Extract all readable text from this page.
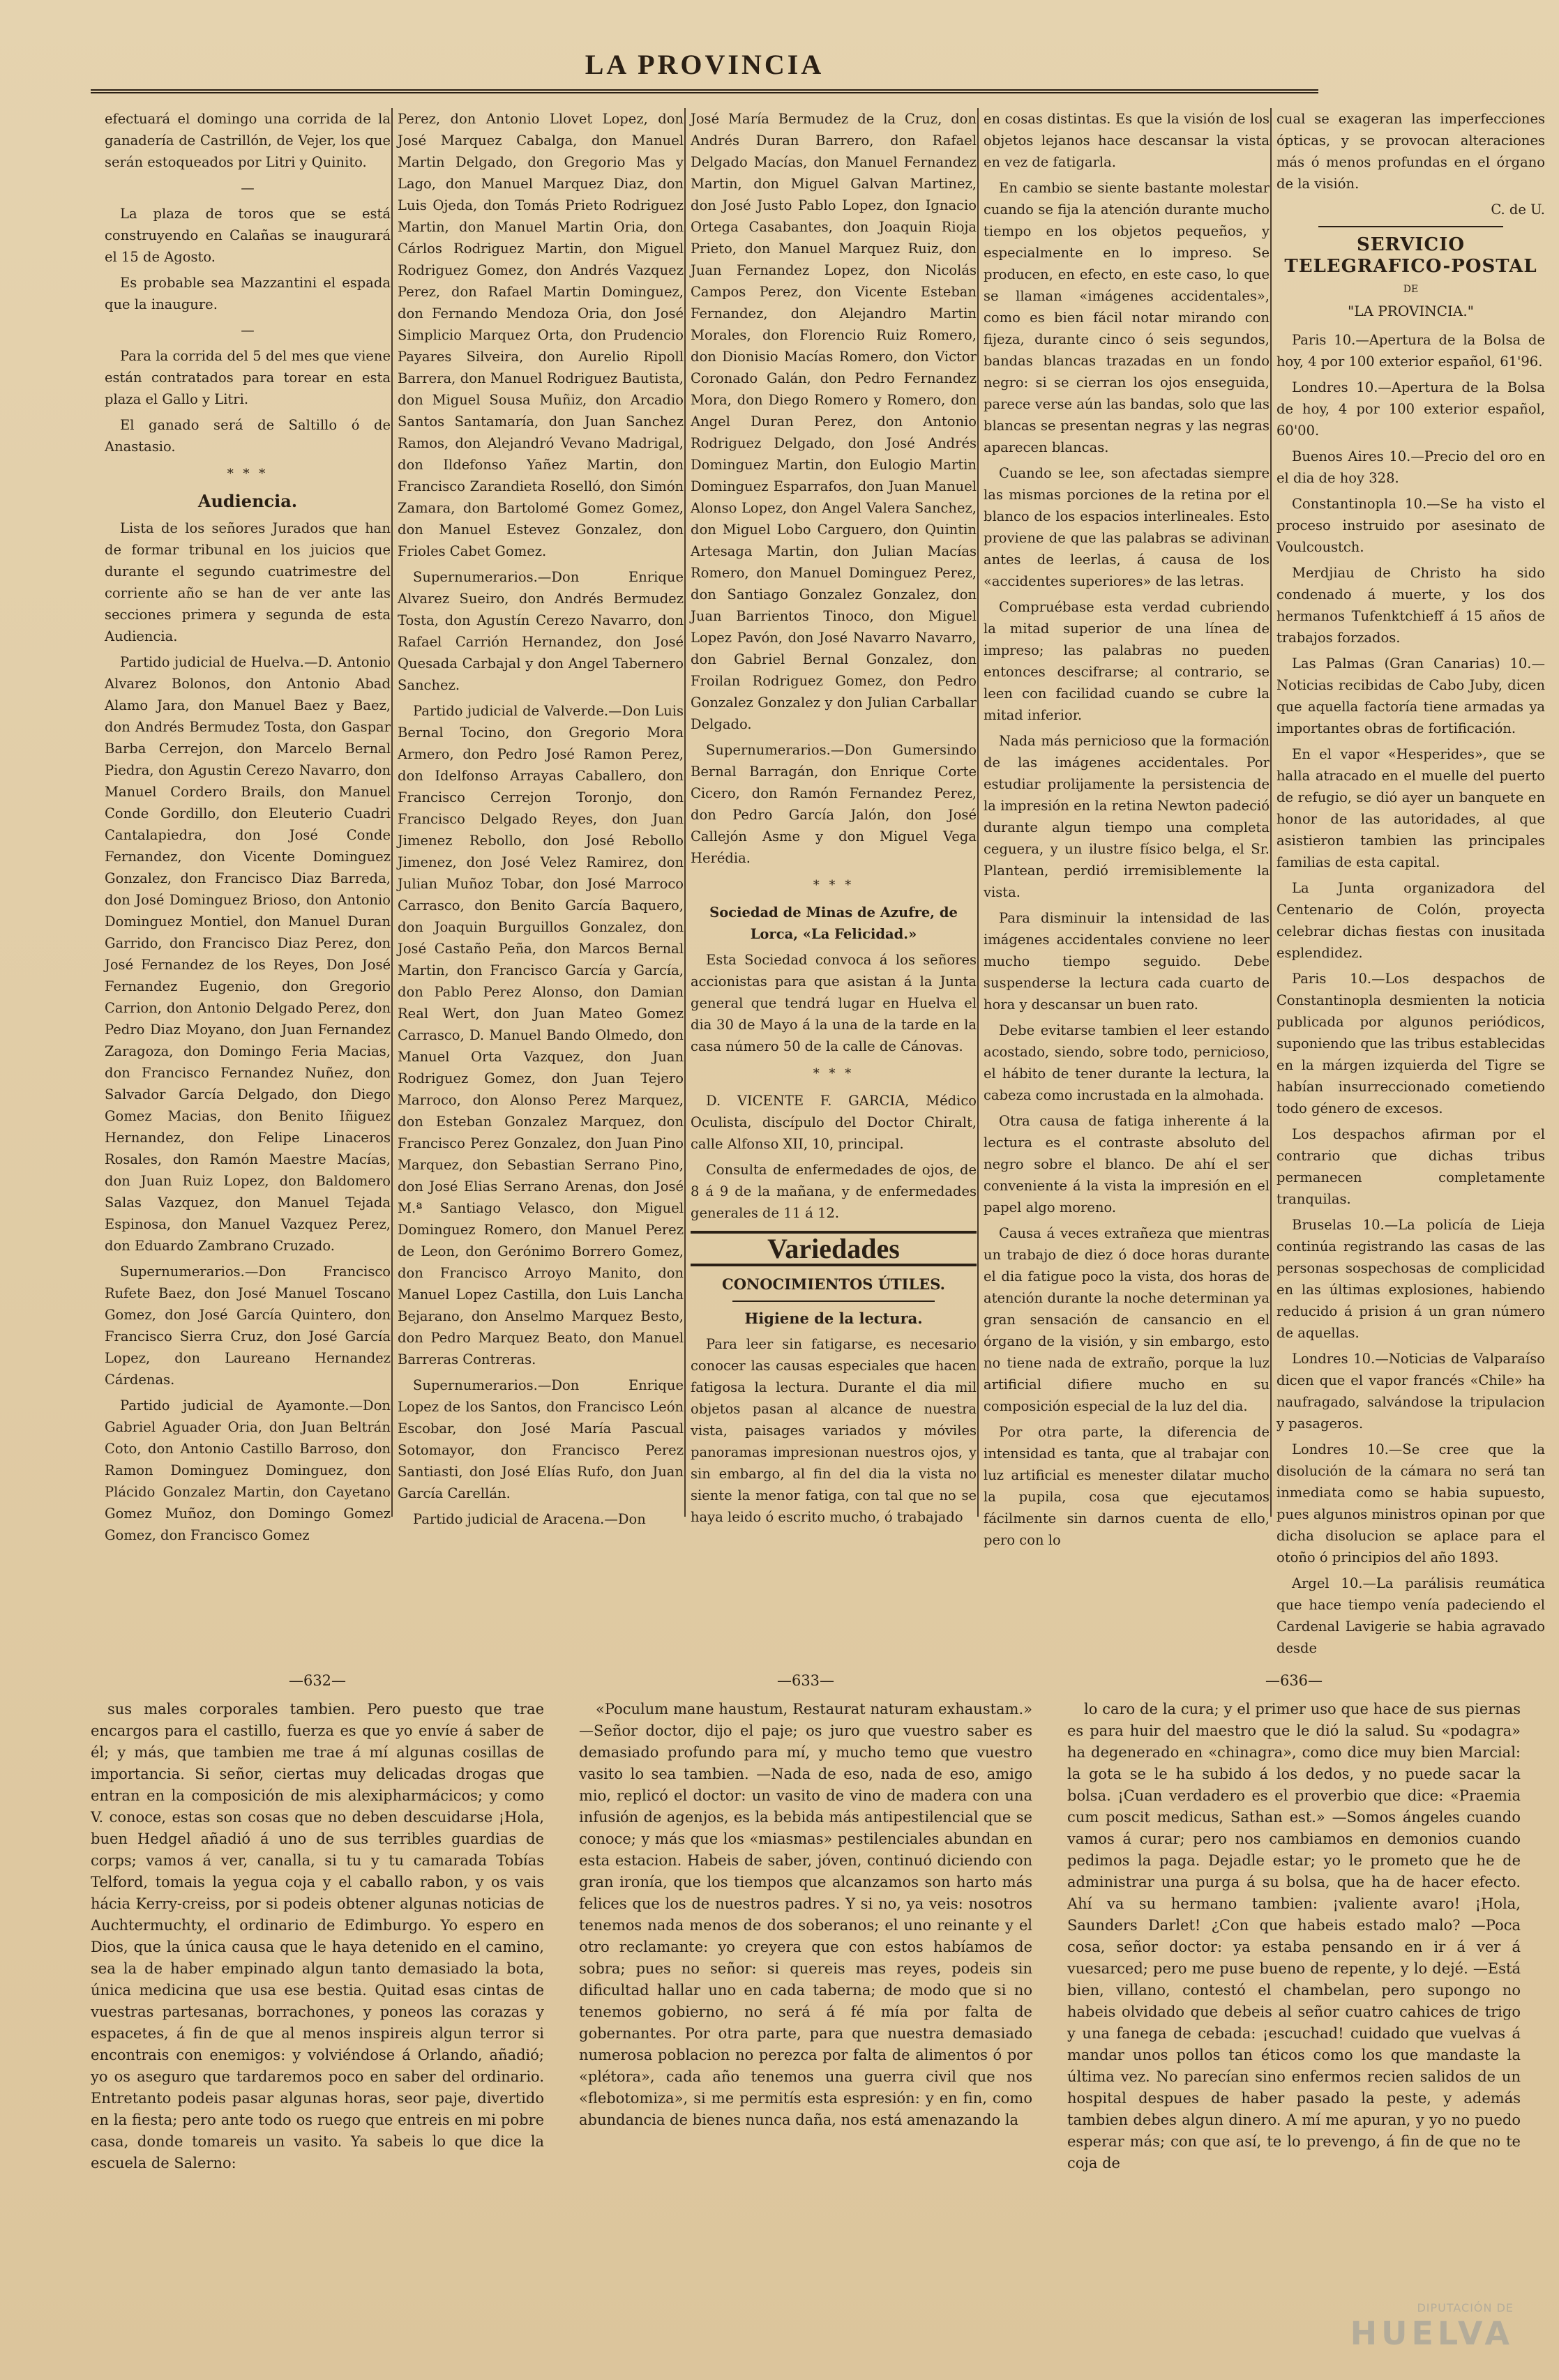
LA PROVINCIA

efectuará el domingo una corrida de la ganadería de Castrillón, de Vejer, los que serán estoqueados por Litri y Quinito.

—

La plaza de toros que se está construyendo en Calañas se inaugurará el 15 de Agosto.

Es probable sea Mazzantini el espada que la inaugure.

—

Para la corrida del 5 del mes que viene están contratados para torear en esta plaza el Gallo y Litri.

El ganado será de Saltillo ó de Anastasio.

* * *
Audiencia.

Lista de los señores Jurados que han de formar tribunal en los juicios que durante el segundo cuatrimestre del corriente año se han de ver ante las secciones primera y segunda de esta Audiencia.

Partido judicial de Huelva.—D. Antonio Alvarez Bolonos, don Antonio Abad Alamo Jara, don Manuel Baez y Baez, don Andrés Bermudez Tosta, don Gaspar Barba Cerrejon, don Marcelo Bernal Piedra, don Agustin Cerezo Navarro, don Manuel Cordero Brails, don Manuel Conde Gordillo, don Eleuterio Cuadri Cantalapiedra, don José Conde Fernandez, don Vicente Dominguez Gonzalez, don Francisco Diaz Barreda, don José Dominguez Brioso, don Antonio Dominguez Montiel, don Manuel Duran Garrido, don Francisco Diaz Perez, don José Fernandez de los Reyes, Don José Fernandez Eugenio, don Gregorio Carrion, don Antonio Delgado Perez, don Pedro Diaz Moyano, don Juan Fernandez Zaragoza, don Domingo Feria Macias, don Francisco Fernandez Nuñez, don Salvador García Delgado, don Diego Gomez Macias, don Benito Iñiguez Hernandez, don Felipe Linaceros Rosales, don Ramón Maestre Macías, don Juan Ruiz Lopez, don Baldomero Salas Vazquez, don Manuel Tejada Espinosa, don Manuel Vazquez Perez, don Eduardo Zambrano Cruzado.

Supernumerarios.—Don Francisco Rufete Baez, don José Manuel Toscano Gomez, don José García Quintero, don Francisco Sierra Cruz, don José García Lopez, don Laureano Hernandez Cárdenas.

Partido judicial de Ayamonte.—Don Gabriel Aguader Oria, don Juan Beltrán Coto, don Antonio Castillo Barroso, don Ramon Dominguez Dominguez, don Plácido Gonzalez Martin, don Cayetano Gomez Muñoz, don Domingo Gomez Gomez, don Francisco Gomez

Perez, don Antonio Llovet Lopez, don José Marquez Cabalga, don Manuel Martin Delgado, don Gregorio Mas y Lago, don Manuel Marquez Diaz, don Luis Ojeda, don Tomás Prieto Rodriguez Martin, don Manuel Martin Oria, don Cárlos Rodriguez Martin, don Miguel Rodriguez Gomez, don Andrés Vazquez Perez, don Rafael Martin Dominguez, don Fernando Mendoza Oria, don José Simplicio Marquez Orta, don Prudencio Payares Silveira, don Aurelio Ripoll Barrera, don Manuel Rodriguez Bautista, don Miguel Sousa Muñiz, don Arcadio Santos Santamaría, don Juan Sanchez Ramos, don Alejandró Vevano Madrigal, don Ildefonso Yañez Martin, don Francisco Zarandieta Roselló, don Simón Zamara, don Bartolomé Gomez Gomez, don Manuel Estevez Gonzalez, don Frioles Cabet Gomez.

Supernumerarios.—Don Enrique Alvarez Sueiro, don Andrés Bermudez Tosta, don Agustín Cerezo Navarro, don Rafael Carrión Hernandez, don José Quesada Carbajal y don Angel Tabernero Sanchez.

Partido judicial de Valverde.—Don Luis Bernal Tocino, don Gregorio Mora Armero, don Pedro José Ramon Perez, don Idelfonso Arrayas Caballero, don Francisco Cerrejon Toronjo, don Francisco Delgado Reyes, don Juan Jimenez Rebollo, don José Rebollo Jimenez, don José Velez Ramirez, don Julian Muñoz Tobar, don José Marroco Carrasco, don Benito García Baquero, don Joaquin Burguillos Gonzalez, don José Castaño Peña, don Marcos Bernal Martin, don Francisco García y García, don Pablo Perez Alonso, don Damian Real Wert, don Juan Mateo Gomez Carrasco, D. Manuel Bando Olmedo, don Manuel Orta Vazquez, don Juan Rodriguez Gomez, don Juan Tejero Marroco, don Alonso Perez Marquez, don Esteban Gonzalez Marquez, don Francisco Perez Gonzalez, don Juan Pino Marquez, don Sebastian Serrano Pino, don José Elias Serrano Arenas, don José M.ª Santiago Velasco, don Miguel Dominguez Romero, don Manuel Perez de Leon, don Gerónimo Borrero Gomez, don Francisco Arroyo Manito, don Manuel Lopez Castilla, don Luis Lancha Bejarano, don Anselmo Marquez Besto, don Pedro Marquez Beato, don Manuel Barreras Contreras.

Supernumerarios.—Don Enrique Lopez de los Santos, don Francisco León Escobar, don José María Pascual Sotomayor, don Francisco Perez Santiasti, don José Elías Rufo, don Juan García Carellán.

Partido judicial de Aracena.—Don

José María Bermudez de la Cruz, don Andrés Duran Barrero, don Rafael Delgado Macías, don Manuel Fernandez Martin, don Miguel Galvan Martinez, don José Justo Pablo Lopez, don Ignacio Ortega Casabantes, don Joaquin Rioja Prieto, don Manuel Marquez Ruiz, don Juan Fernandez Lopez, don Nicolás Campos Perez, don Vicente Esteban Fernandez, don Alejandro Martin Morales, don Florencio Ruiz Romero, don Dionisio Macías Romero, don Victor Coronado Galán, don Pedro Fernandez Mora, don Diego Romero y Romero, don Angel Duran Perez, don Antonio Rodriguez Delgado, don José Andrés Dominguez Martin, don Eulogio Martin Dominguez Esparrafos, don Juan Manuel Alonso Lopez, don Angel Valera Sanchez, don Miguel Lobo Carguero, don Quintin Artesaga Martin, don Julian Macías Romero, don Manuel Dominguez Perez, don Santiago Gonzalez Gonzalez, don Juan Barrientos Tinoco, don Miguel Lopez Pavón, don José Navarro Navarro, don Gabriel Bernal Gonzalez, don Froilan Rodriguez Gomez, don Pedro Gonzalez Gonzalez y don Julian Carballar Delgado.

Supernumerarios.—Don Gumersindo Bernal Barragán, don Enrique Corte Cicero, don Ramón Fernandez Perez, don Pedro García Jalón, don José Callejón Asme y don Miguel Vega Herédia.

* * *

Sociedad de Minas de Azufre, de Lorca, «La Felicidad.»

Esta Sociedad convoca á los señores accionistas para que asistan á la Junta general que tendrá lugar en Huelva el dia 30 de Mayo á la una de la tarde en la casa número 50 de la calle de Cánovas.

* * *

D. VICENTE F. GARCIA, Médico Oculista, discípulo del Doctor Chiralt, calle Alfonso XII, 10, principal.

Consulta de enfermedades de ojos, de 8 á 9 de la mañana, y de enfermedades generales de 11 á 12.

Variedades
CONOCIMIENTOS ÚTILES.
Higiene de la lectura.

Para leer sin fatigarse, es necesario conocer las causas especiales que hacen fatigosa la lectura. Durante el dia mil objetos pasan al alcance de nuestra vista, paisages variados y móviles panoramas impresionan nuestros ojos, y sin embargo, al fin del dia la vista no siente la menor fatiga, con tal que no se haya leido ó escrito mucho, ó trabajado

en cosas distintas. Es que la visión de los objetos lejanos hace descansar la vista en vez de fatigarla.

En cambio se siente bastante molestar cuando se fija la atención durante mucho tiempo en los objetos pequeños, y especialmente en lo impreso. Se producen, en efecto, en este caso, lo que se llaman «imágenes accidentales», como es bien fácil notar mirando con fijeza, durante cinco ó seis segundos, bandas blancas trazadas en un fondo negro: si se cierran los ojos enseguida, parece verse aún las bandas, solo que las blancas se presentan negras y las negras aparecen blancas.

Cuando se lee, son afectadas siempre las mismas porciones de la retina por el blanco de los espacios interlineales. Esto proviene de que las palabras se adivinan antes de leerlas, á causa de los «accidentes superiores» de las letras.

Compruébase esta verdad cubriendo la mitad superior de una línea de impreso; las palabras no pueden entonces descifrarse; al contrario, se leen con facilidad cuando se cubre la mitad inferior.

Nada más pernicioso que la formación de las imágenes accidentales. Por estudiar prolijamente la persistencia de la impresión en la retina Newton padeció durante algun tiempo una completa ceguera, y un ilustre físico belga, el Sr. Plantean, perdió irremisiblemente la vista.

Para disminuir la intensidad de las imágenes accidentales conviene no leer mucho tiempo seguido. Debe suspenderse la lectura cada cuarto de hora y descansar un buen rato.

Debe evitarse tambien el leer estando acostado, siendo, sobre todo, pernicioso, el hábito de tener durante la lectura, la cabeza como incrustada en la almohada.

Otra causa de fatiga inherente á la lectura es el contraste absoluto del negro sobre el blanco. De ahí el ser conveniente á la vista la impresión en el papel algo moreno.

Causa á veces extrañeza que mientras un trabajo de diez ó doce horas durante el dia fatigue poco la vista, dos horas de atención durante la noche determinan ya gran sensación de cansancio en el órgano de la visión, y sin embargo, esto no tiene nada de extraño, porque la luz artificial difiere mucho en su composición especial de la luz del dia.

Por otra parte, la diferencia de intensidad es tanta, que al trabajar con luz artificial es menester dilatar mucho la pupila, cosa que ejecutamos fácilmente sin darnos cuenta de ello, pero con lo

cual se exageran las imperfecciones ópticas, y se provocan alteraciones más ó menos profundas en el órgano de la visión.

C. de U.

SERVICIO TELEGRAFICO-POSTAL
DE
"LA PROVINCIA."

Paris 10.—Apertura de la Bolsa de hoy, 4 por 100 exterior español, 61'96.

Londres 10.—Apertura de la Bolsa de hoy, 4 por 100 exterior español, 60'00.

Buenos Aires 10.—Precio del oro en el dia de hoy 328.

Constantinopla 10.—Se ha visto el proceso instruido por asesinato de Voulcoustch.

Merdjiau de Christo ha sido condenado á muerte, y los dos hermanos Tufenktchieff á 15 años de trabajos forzados.

Las Palmas (Gran Canarias) 10.—Noticias recibidas de Cabo Juby, dicen que aquella factoría tiene armadas ya importantes obras de fortificación.

En el vapor «Hesperides», que se halla atracado en el muelle del puerto de refugio, se dió ayer un banquete en honor de las autoridades, al que asistieron tambien las principales familias de esta capital.

La Junta organizadora del Centenario de Colón, proyecta celebrar dichas fiestas con inusitada esplendidez.

Paris 10.—Los despachos de Constantinopla desmienten la noticia publicada por algunos periódicos, suponiendo que las tribus establecidas en la márgen izquierda del Tigre se habían insurreccionado cometiendo todo género de excesos.

Los despachos afirman por el contrario que dichas tribus permanecen completamente tranquilas.

Bruselas 10.—La policía de Lieja continúa registrando las casas de las personas sospechosas de complicidad en las últimas explosiones, habiendo reducido á prision á un gran número de aquellas.

Londres 10.—Noticias de Valparaíso dicen que el vapor francés «Chile» ha naufragado, salvándose la tripulacion y pasageros.

Londres 10.—Se cree que la disolución de la cámara no será tan inmediata como se habia supuesto, pues algunos ministros opinan por que dicha disolucion se aplace para el otoño ó principios del año 1893.

Argel 10.—La parálisis reumática que hace tiempo venía padeciendo el Cardenal Lavigerie se habia agravado desde

—632—

sus males corporales tambien. Pero puesto que trae encargos para el castillo, fuerza es que yo envíe á saber de él; y más, que tambien me trae á mí algunas cosillas de importancia. Si señor, ciertas muy delicadas drogas que entran en la composición de mis alexipharmácicos; y como V. conoce, estas son cosas que no deben descuidarse ¡Hola, buen Hedgel añadió á uno de sus terribles guardias de corps; vamos á ver, canalla, si tu y tu camarada Tobías Telford, tomais la yegua coja y el caballo rabon, y os vais hácia Kerry-creiss, por si podeis obtener algunas noticias de Auchtermuchty, el ordinario de Edimburgo. Yo espero en Dios, que la única causa que le haya detenido en el camino, sea la de haber empinado algun tanto demasiado la bota, única medicina que usa ese bestia. Quitad esas cintas de vuestras partesanas, borrachones, y poneos las corazas y espacetes, á fin de que al menos inspireis algun terror si encontrais con enemigos: y volviéndose á Orlando, añadió; yo os aseguro que tardaremos poco en saber del ordinario. Entretanto podeis pasar algunas horas, seor paje, divertido en la fiesta; pero ante todo os ruego que entreis en mi pobre casa, donde tomareis un vasito. Ya sabeis lo que dice la escuela de Salerno:

—633—

«Poculum mane haustum, Restaurat naturam exhaustam.» —Señor doctor, dijo el paje; os juro que vuestro saber es demasiado profundo para mí, y mucho temo que vuestro vasito lo sea tambien. —Nada de eso, nada de eso, amigo mio, replicó el doctor: un vasito de vino de madera con una infusión de agenjos, es la bebida más antipestilencial que se conoce; y más que los «miasmas» pestilenciales abundan en esta estacion. Habeis de saber, jóven, continuó diciendo con gran ironía, que los tiempos que alcanzamos son harto más felices que los de nuestros padres. Y si no, ya veis: nosotros tenemos nada menos de dos soberanos; el uno reinante y el otro reclamante: yo creyera que con estos habíamos de sobra; pues no señor: si quereis mas reyes, podeis sin dificultad hallar uno en cada taberna; de modo que si no tenemos gobierno, no será á fé mía por falta de gobernantes. Por otra parte, para que nuestra demasiado numerosa poblacion no perezca por falta de alimentos ó por «plétora», cada año tenemos una guerra civil que nos «flebotomiza», si me permitís esta espresión: y en fin, como abundancia de bienes nunca daña, nos está amenazando la

—636—

lo caro de la cura; y el primer uso que hace de sus piernas es para huir del maestro que le dió la salud. Su «podagra» ha degenerado en «chinagra», como dice muy bien Marcial: la gota se le ha subido á los dedos, y no puede sacar la bolsa. ¡Cuan verdadero es el proverbio que dice: «Praemia cum poscit medicus, Sathan est.» —Somos ángeles cuando vamos á curar; pero nos cambiamos en demonios cuando pedimos la paga. Dejadle estar; yo le prometo que he de administrar una purga á su bolsa, que ha de hacer efecto. Ahí va su hermano tambien: ¡valiente avaro! ¡Hola, Saunders Darlet! ¿Con que habeis estado malo? —Poca cosa, señor doctor: ya estaba pensando en ir á ver á vuesarced; pero me puse bueno de repente, y lo dejé. —Está bien, villano, contestó el chambelan, pero supongo no habeis olvidado que debeis al señor cuatro cahices de trigo y una fanega de cebada: ¡escuchad! cuidado que vuelvas á mandar unos pollos tan éticos como los que mandaste la última vez. No parecían sino enfermos recien salidos de un hospital despues de haber pasado la peste, y además tambien debes algun dinero. A mí me apuran, y yo no puedo esperar más; con que así, te lo prevengo, á fin de que no te coja de

DIPUTACIÓN DE
HUELVA
